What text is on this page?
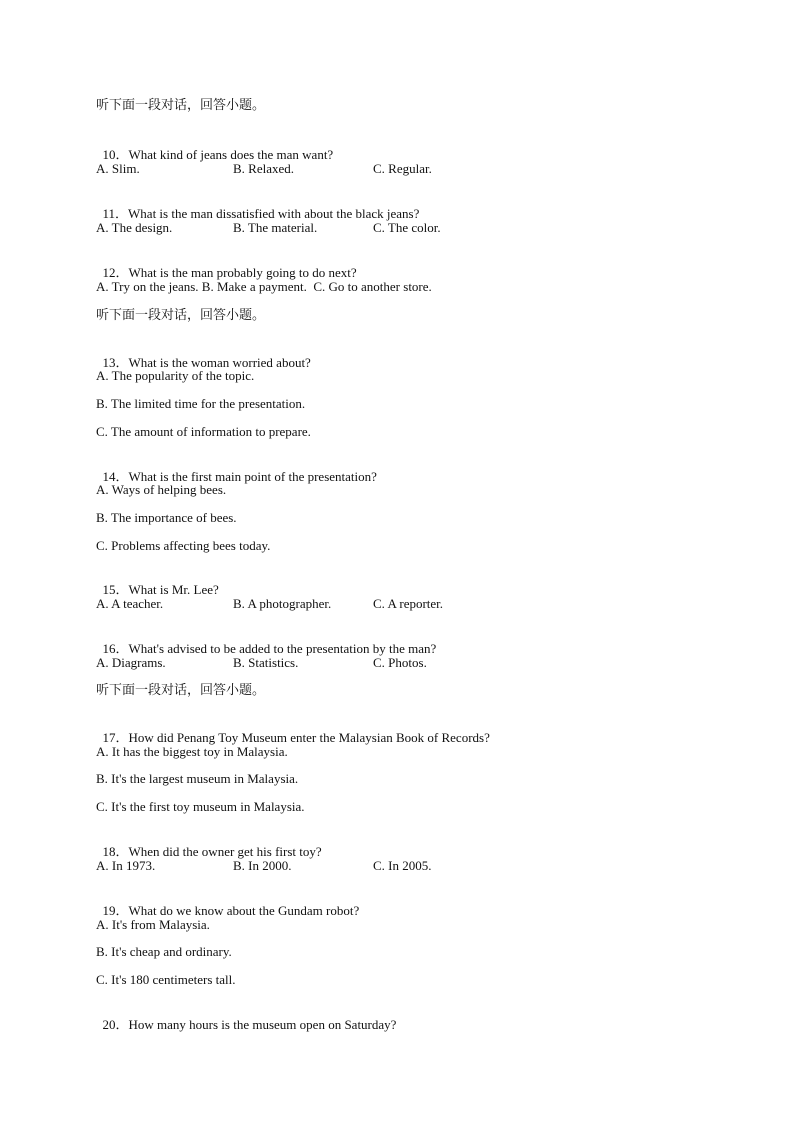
听下面一段对话，回答小题。

10．What kind of jeans does the man want?

A. Slim.	B. Relaxed.	C. Regular.

11．What is the man dissatisfied with about the black jeans?

A. The design.	B. The material.	C. The color.

12．What is the man probably going to do next?

A. Try on the jeans. B. Make a payment.  C. Go to another store.
听下面一段对话，回答小题。

13．What is the woman worried about?

A. The popularity of the topic.
B. The limited time for the presentation.
C. The amount of information to prepare.

14．What is the first main point of the presentation?

A. Ways of helping bees.
B. The importance of bees.
C. Problems affecting bees today.

15．What is Mr. Lee?

A. A teacher.	B. A photographer.	C. A reporter.

16．What's advised to be added to the presentation by the man?

A. Diagrams.	B. Statistics.	C. Photos.
听下面一段对话，回答小题。

17．How did Penang Toy Museum enter the Malaysian Book of Records?

A. It has the biggest toy in Malaysia.
B. It's the largest museum in Malaysia.
C. It's the first toy museum in Malaysia.

18．When did the owner get his first toy?

A. In 1973.	B. In 2000.	C. In 2005.

19．What do we know about the Gundam robot?

A. It's from Malaysia.
B. It's cheap and ordinary.
C. It's 180 centimeters tall.

20．How many hours is the museum open on Saturday?
